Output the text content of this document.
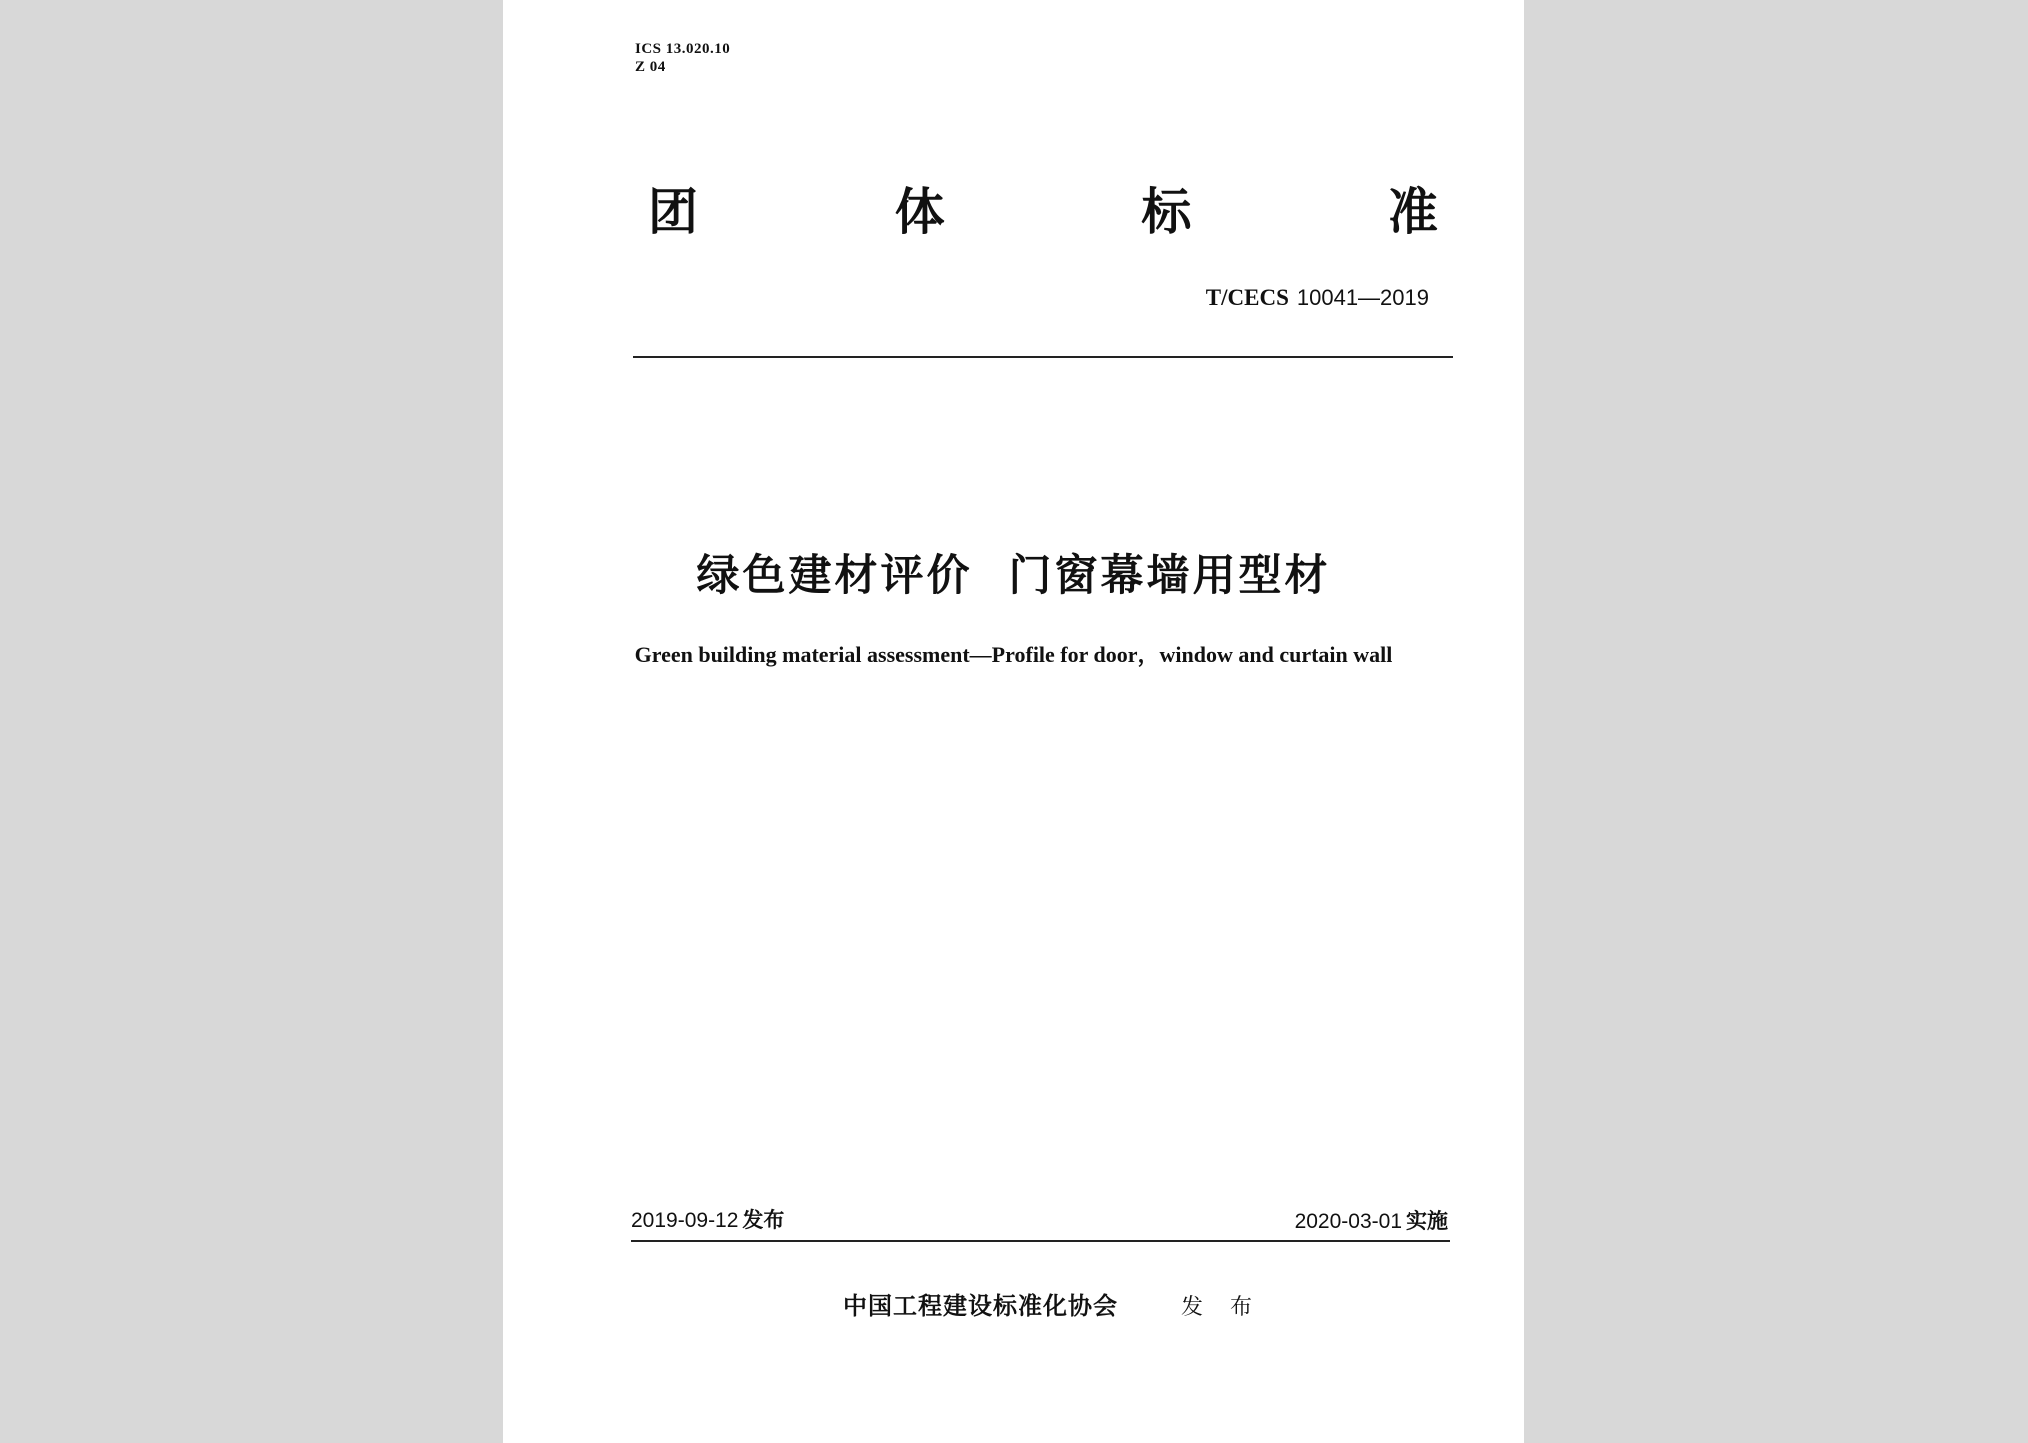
ICS 13.020.10
Z 04
团	体	标	准
T/CECS 10041—2019
绿色建材评价  门窗幕墙用型材
Green building material assessment—Profile for door，window and curtain wall
2019-09-12 发布	2020-03-01 实施
中国工程建设标准化协会	发 布
